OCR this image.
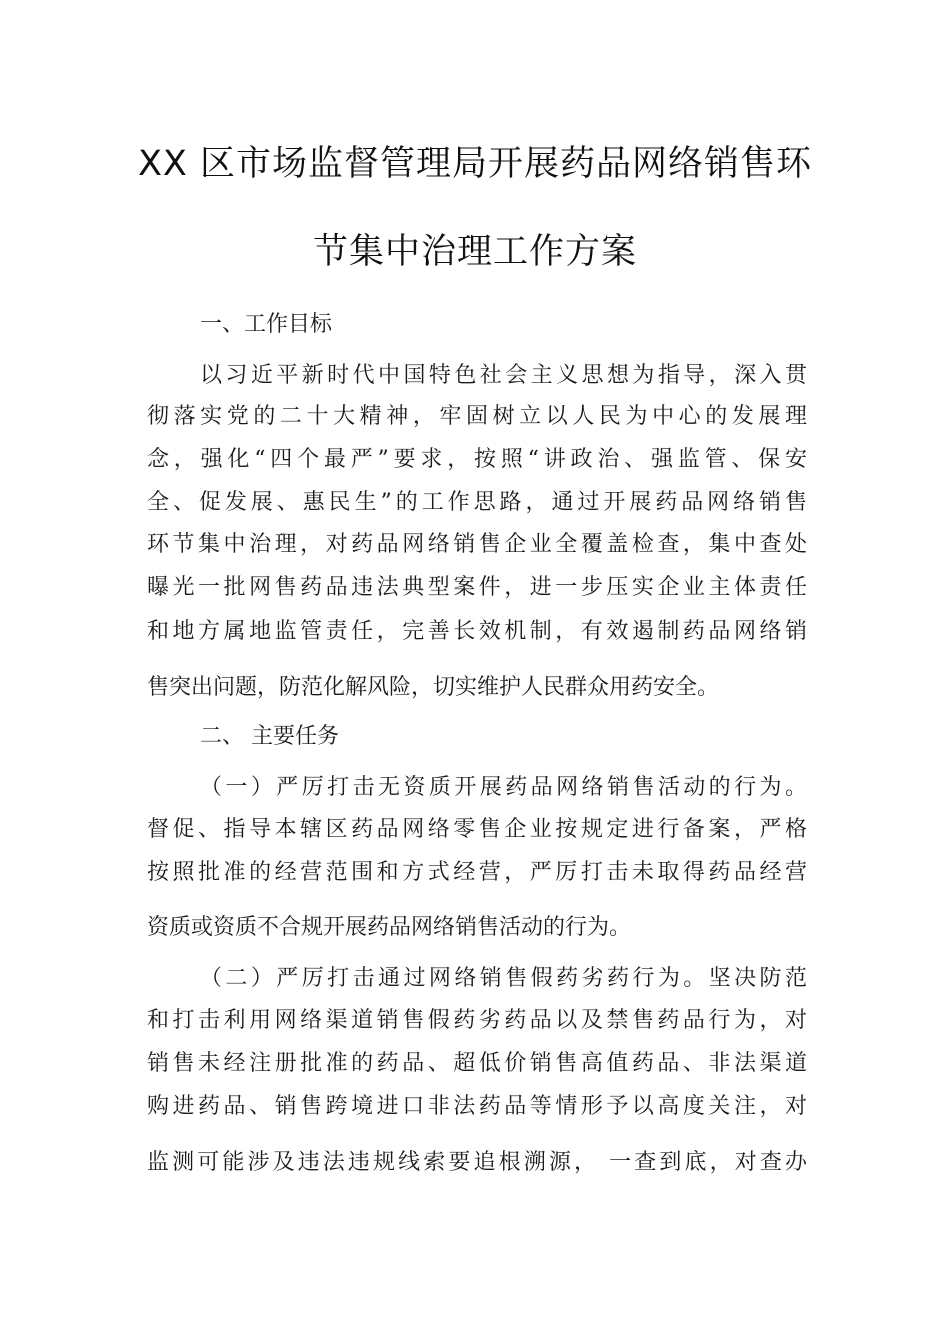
XX 区市场监督管理局开展药品网络销售环
节集中治理工作方案
一、工作目标
以习近平新时代中国特色社会主义思想为指导，深入贯
彻落实党的二十大精神，牢固树立以人民为中心的发展理
念，强化“四个最严”要求，按照“讲政治、强监管、保安
全、促发展、惠民生”的工作思路，通过开展药品网络销售
环节集中治理，对药品网络销售企业全覆盖检查，集中查处
曝光一批网售药品违法典型案件，进一步压实企业主体责任
和地方属地监管责任，完善长效机制，有效遏制药品网络销
售突出问题，防范化解风险，切实维护人民群众用药安全。
二、 主要任务
（一）严厉打击无资质开展药品网络销售活动的行为。
督促、指导本辖区药品网络零售企业按规定进行备案，严格
按照批准的经营范围和方式经营，严厉打击未取得药品经营
资质或资质不合规开展药品网络销售活动的行为。
（二）严厉打击通过网络销售假药劣药行为。坚决防范
和打击利用网络渠道销售假药劣药品以及禁售药品行为，对
销售未经注册批准的药品、超低价销售高值药品、非法渠道
购进药品、销售跨境进口非法药品等情形予以高度关注，对
监测可能涉及违法违规线索要追根溯源， 一查到底，对查办
